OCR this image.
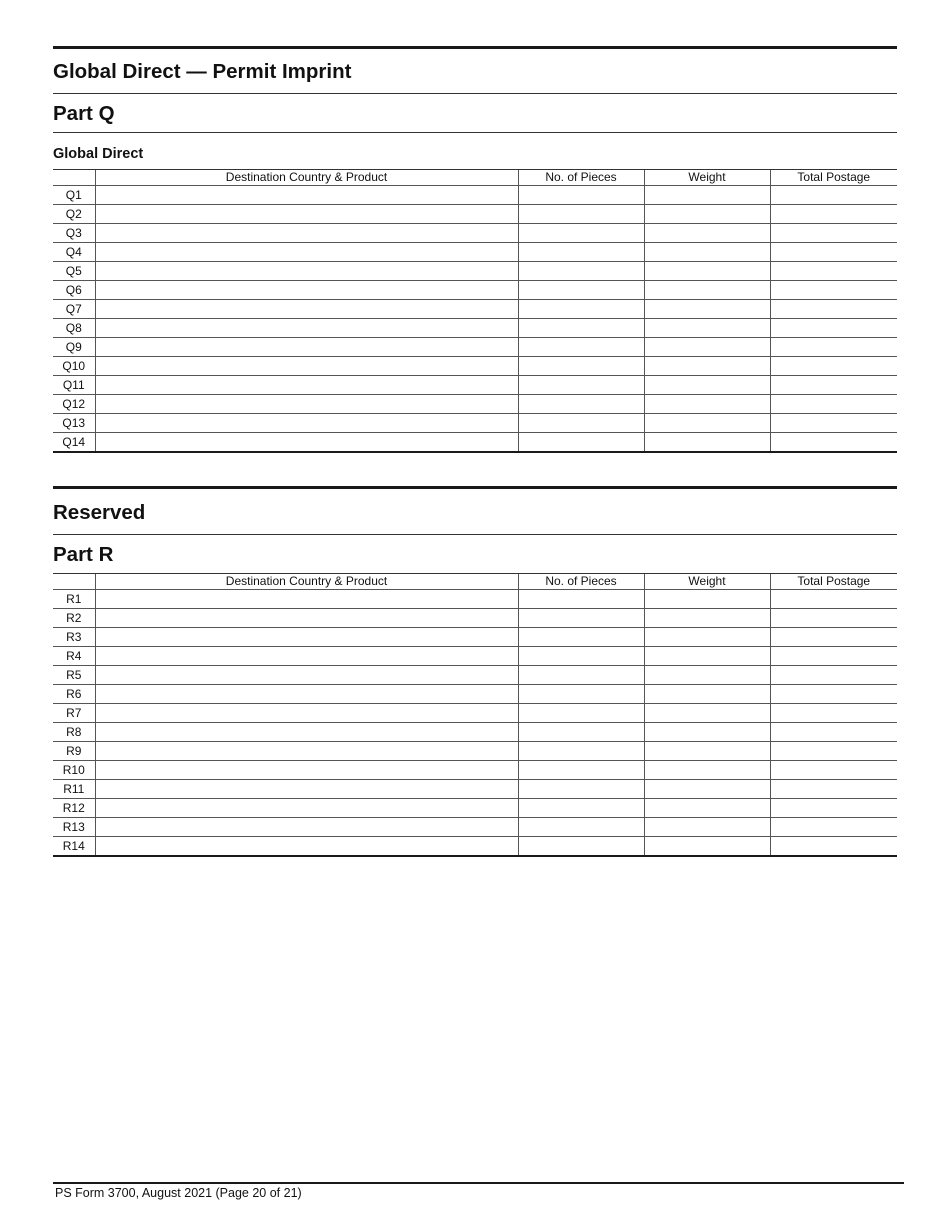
Global Direct — Permit Imprint
Part Q
Global Direct
	Destination Country & Product	No. of Pieces	Weight	Total Postage
Q1				
Q2				
Q3				
Q4				
Q5				
Q6				
Q7				
Q8				
Q9				
Q10				
Q11				
Q12				
Q13				
Q14				
Reserved
Part R
	Destination Country & Product	No. of Pieces	Weight	Total Postage
R1				
R2				
R3				
R4				
R5				
R6				
R7				
R8				
R9				
R10				
R11				
R12				
R13				
R14				
PS Form 3700, August 2021 (Page 20 of 21)
